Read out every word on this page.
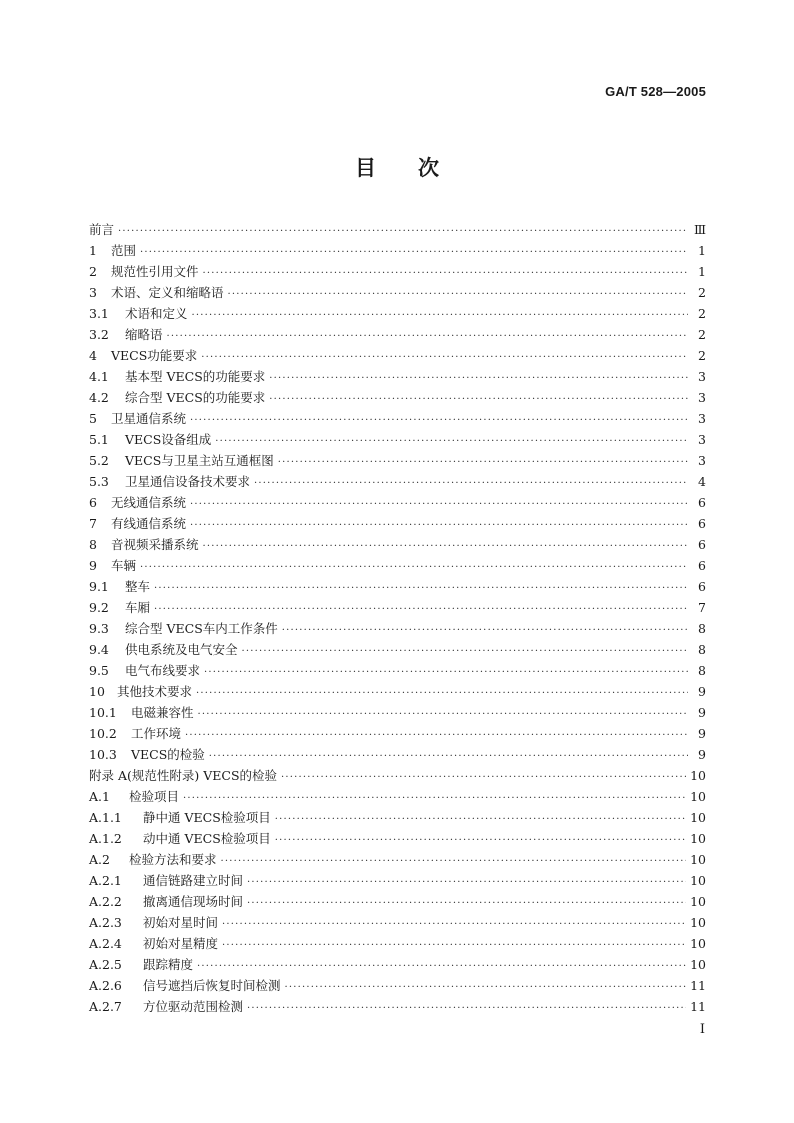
GA/T 528—2005
目 次
前言 ·····	Ⅲ
1	范围 ·····	1
2	规范性引用文件 ·····	1
3	术语、定义和缩略语 ·····	2
3.1	术语和定义 ·····	2
3.2	缩略语 ·····	2
4	VECS功能要求 ·····	2
4.1	基本型 VECS的功能要求 ·····	3
4.2	综合型 VECS的功能要求 ·····	3
5	卫星通信系统 ·····	3
5.1	VECS设备组成 ·····	3
5.2	VECS与卫星主站互通框图 ·····	3
5.3	卫星通信设备技术要求 ·····	4
6	无线通信系统 ·····	6
7	有线通信系统 ·····	6
8	音视频采播系统 ·····	6
9	车辆 ·····	6
9.1	整车 ·····	6
9.2	车厢 ·····	7
9.3	综合型 VECS车内工作条件 ·····	8
9.4	供电系统及电气安全 ·····	8
9.5	电气布线要求 ·····	8
10 其他技术要求 ·····	9
10.1	电磁兼容性 ·····	9
10.2	工作环境 ·····	9
10.3	VECS的检验 ·····	9
附录 A (规范性附录) VECS的检验 ·····	10
A.1	检验项目 ·····	10
A.1.1	静中通 VECS检验项目 ·····	10
A.1.2	动中通 VECS检验项目 ·····	10
A.2	检验方法和要求 ·····	10
A.2.1	通信链路建立时间 ·····	10
A.2.2	撤离通信现场时间 ·····	10
A.2.3	初始对星时间 ·····	10
A.2.4	初始对星精度 ·····	10
A.2.5	跟踪精度 ·····	10
A.2.6	信号遮挡后恢复时间检测 ·····	11
A.2.7	方位驱动范围检测 ·····	11
I
